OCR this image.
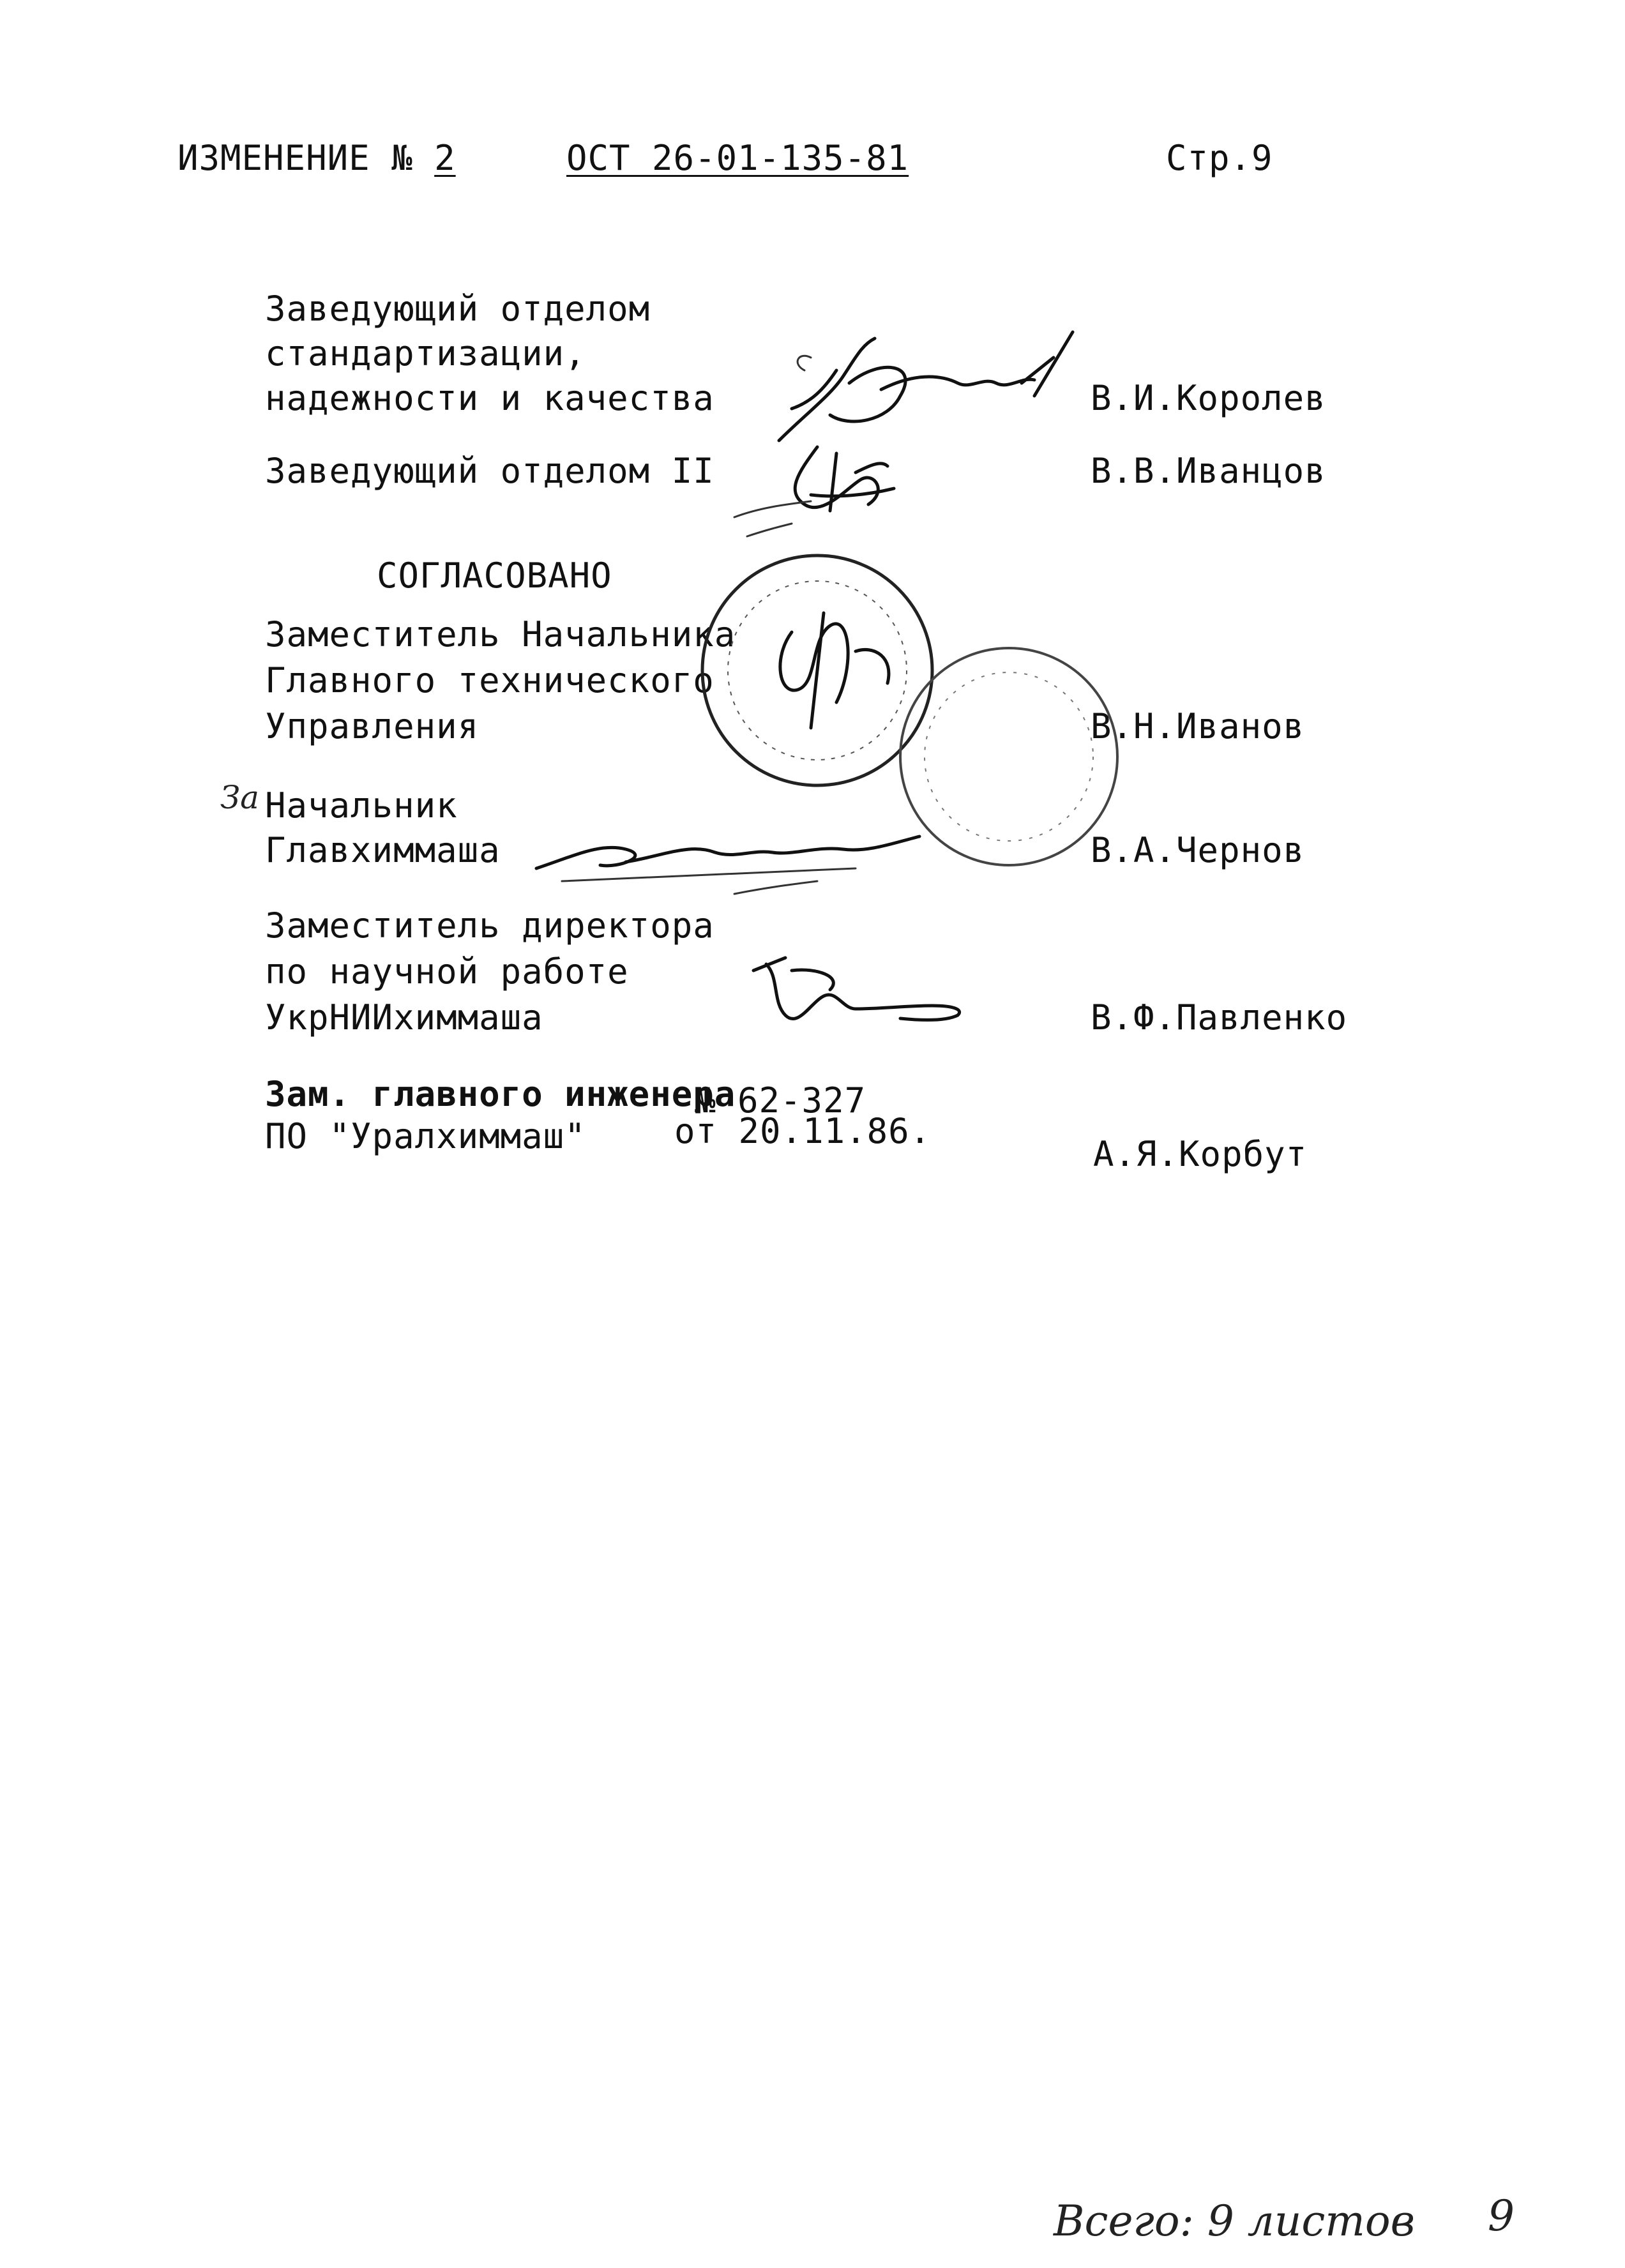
ИЗМЕНЕНИЕ № 2	ОСТ 26-01-135-81	Стр.9
Заведующий отделом
стандартизации,
надежности и качества	В.И.Королев
Заведующий отделом II	В.В.Иванцов
СОГЛАСОВАНО
Заместитель Начальника
Главного технического
Управления	В.Н.Иванов
За Начальник
Главхиммаша	В.А.Чернов
Заместитель директора
по научной работе
УкрНИИхиммаша	В.Ф.Павленко
Зам. главного инженера
№ 62-327
ПО "Уралхиммаш"	от 20.11.86.
А.Я.Корбут
Всего: 9 листов 9
